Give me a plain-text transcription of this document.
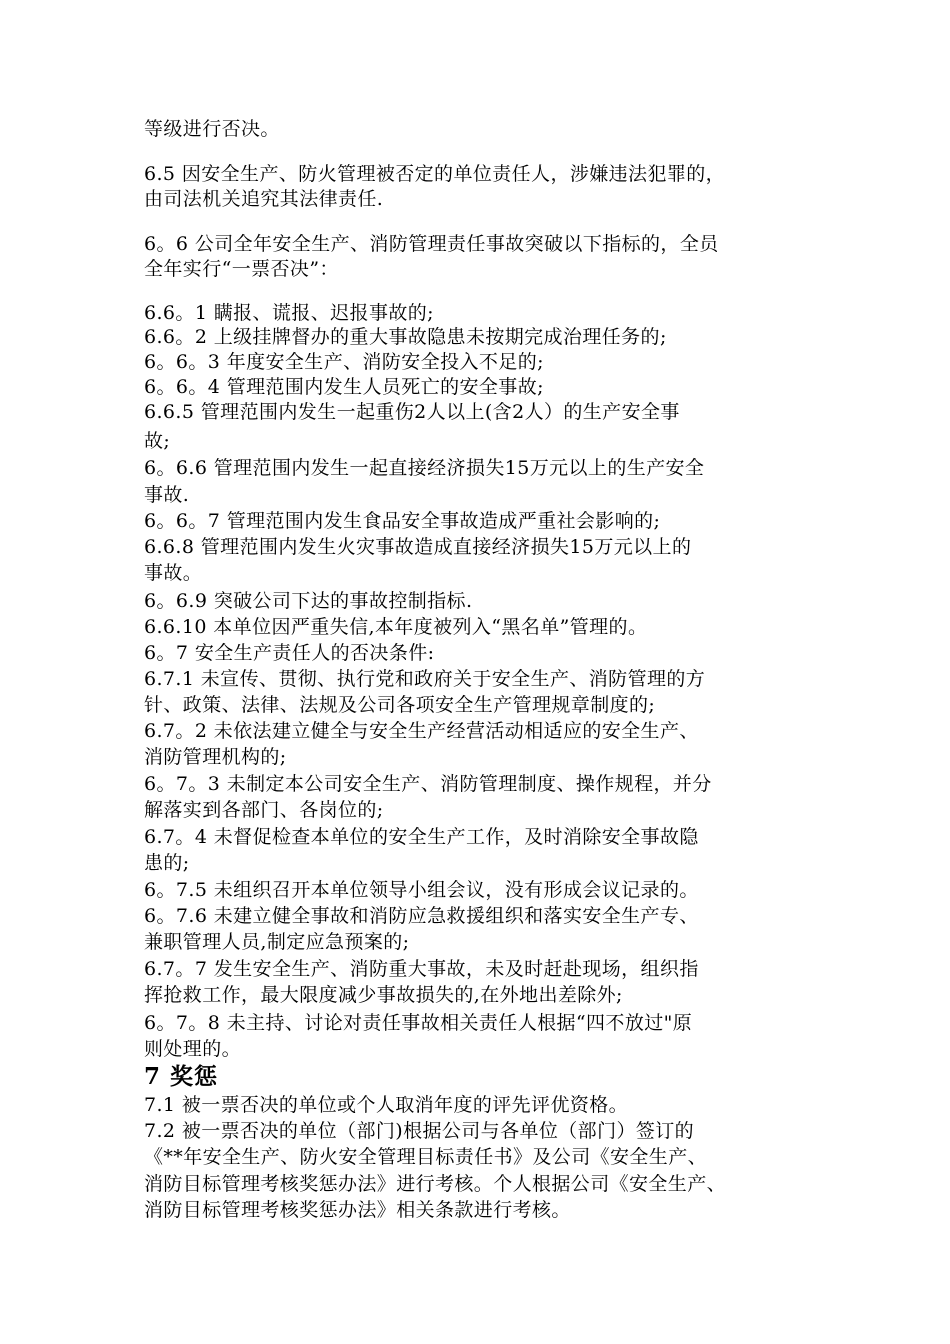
等级进行否决。
6.5 因安全生产、防火管理被否定的单位责任人，涉嫌违法犯罪的，
由司法机关追究其法律责任.
6。6 公司全年安全生产、消防管理责任事故突破以下指标的，全员
全年实行“一票否决”：
6.6。1 瞒报、谎报、迟报事故的;
6.6。2 上级挂牌督办的重大事故隐患未按期完成治理任务的;
6。6。3 年度安全生产、消防安全投入不足的;
6。6。4 管理范围内发生人员死亡的安全事故;
6.6.5 管理范围内发生一起重伤2人以上(含2人）的生产安全事
故;
6。6.6 管理范围内发生一起直接经济损失15万元以上的生产安全
事故.
6。6。7 管理范围内发生食品安全事故造成严重社会影响的;
6.6.8 管理范围内发生火灾事故造成直接经济损失15万元以上的
事故。
6。6.9 突破公司下达的事故控制指标.
6.6.10 本单位因严重失信,本年度被列入“黑名单”管理的。
6。7 安全生产责任人的否决条件:
6.7.1 未宣传、贯彻、执行党和政府关于安全生产、消防管理的方
针、政策、法律、法规及公司各项安全生产管理规章制度的;
6.7。2 未依法建立健全与安全生产经营活动相适应的安全生产、
消防管理机构的;
6。7。3 未制定本公司安全生产、消防管理制度、操作规程，并分
解落实到各部门、各岗位的;
6.7。4 未督促检查本单位的安全生产工作，及时消除安全事故隐
患的;
6。7.5 未组织召开本单位领导小组会议，没有形成会议记录的。
6。7.6 未建立健全事故和消防应急救援组织和落实安全生产专、
兼职管理人员,制定应急预案的;
6.7。7 发生安全生产、消防重大事故，未及时赶赴现场，组织指
挥抢救工作，最大限度减少事故损失的,在外地出差除外;
6。7。8 未主持、讨论对责任事故相关责任人根据“四不放过"原
则处理的。
7 奖惩
7.1 被一票否决的单位或个人取消年度的评先评优资格。
7.2 被一票否决的单位（部门)根据公司与各单位（部门）签订的
《**年安全生产、防火安全管理目标责任书》及公司《安全生产、
消防目标管理考核奖惩办法》进行考核。个人根据公司《安全生产、
消防目标管理考核奖惩办法》相关条款进行考核。
